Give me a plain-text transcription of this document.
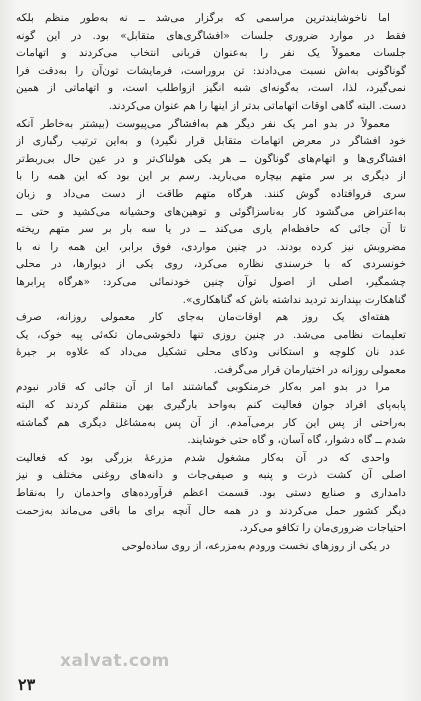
اما ناخوشایندترین مراسمی که برگزار می‌شد ــ نه به‌طور منظم بلکه
فقط در موارد ضروری جلسات «افشاگری‌های متقابل» بود. در این گونه
جلسات معمولاً یک نفر را به‌عنوان قربانی انتخاب می‌کردند و اتهامات
گوناگونی به‌اش نسبت می‌دادند: تن بروراست، فرمایشات تون‌آن را به‌دقت فرا
نمی‌گیرد، لذا، است، به‌گونه‌ای شبه انگیز ازواطلب است، و اتهاماتی از همین
دست. البته گاهی اوقات اتهاماتی بدتر از اینها را هم عنوان می‌کردند.
معمولاً در بدو امر یک نفر دیگر هم به‌افشاگر می‌پیوست (بیشتر به‌خاطر آنکه
خود افشاگر در معرض اتهامات متقابل قرار نگیرد) و به‌این ترتیب رگباری از
افشاگری‌ها و اتهام‌های گوناگون ــ هر یکی هولناک‌تر و در عین حال بی‌ربط‌تر
از دیگری بر سر متهم بیچاره می‌بارید. رسم بر این بود که این همه را با
سری فروافتاده گوش کنند. هرگاه متهم طاقت از دست می‌داد و زبان
به‌اعتراض می‌گشود کار به‌ناسزاگوئی و توهین‌های وحشیانه می‌کشید و حتی ــ
تا آن جائی که حافظه‌ام یاری می‌کند ــ در یا سه بار بر سر متهم ریخته
مضروبش نیز کرده بودند. در چنین مواردی، فوق برابر، این همه را نه با
خونسردی که با خرسندی نظاره می‌کرد، روی یکی از دیوارها، در محلی
چشمگیر، اصلی از اصول توآن چنین خودنمائی می‌کرد: «هرگاه پرابرها
گناهکارت بپندارند تردید نداشته باش که گناهکاری».
هفته‌ای یک روز هم اوقات‌مان به‌جای کار معمولی روزانه، صرف
تعلیمات نظامی می‌شد. در چنین روزی تنها دلخوشی‌مان تکه‌ئی پیه خوک، یک
عدد نان کلوچه و استکانی ودکای محلی تشکیل می‌داد که علاوه بر جیرهٔ
معمولی روزانه در اختیارمان قرار می‌گرفت.
مرا در بدو امر به‌کار خرمنکوبی گماشتند اما از آن جائی که قادر نبودم
پابه‌پای افراد جوان فعالیت کنم به‌واحد بارگیری بهن منتقلم کردند که البته
به‌راحتی از پس این کار برمی‌آمدم. از آن پس به‌مشاغل دیگری هم گماشته
شدم ــ گاه دشوار، گاه آسان، و گاه حتی خوشایند.
واحدی که در آن به‌کار مشغول شدم مزرعهٔ بزرگی بود که فعالیت
اصلی آن کشت ذرت و پنبه و صیفی‌جات و دانه‌های روغنی مختلف و نیز
دامداری و صنایع دستی بود. قسمت اعظم فرآورده‌های واحدمان را به‌نقاط
دیگر کشور حمل می‌کردند و در همه حال آنچه برای ما باقی می‌ماند به‌زحمت
احتیاجات ضروری‌مان را تکافو می‌کرد.
در یکی از روزهای نخست ورودم به‌مزرعه، از روی ساده‌لوحی
xalvat.com
۲۳
